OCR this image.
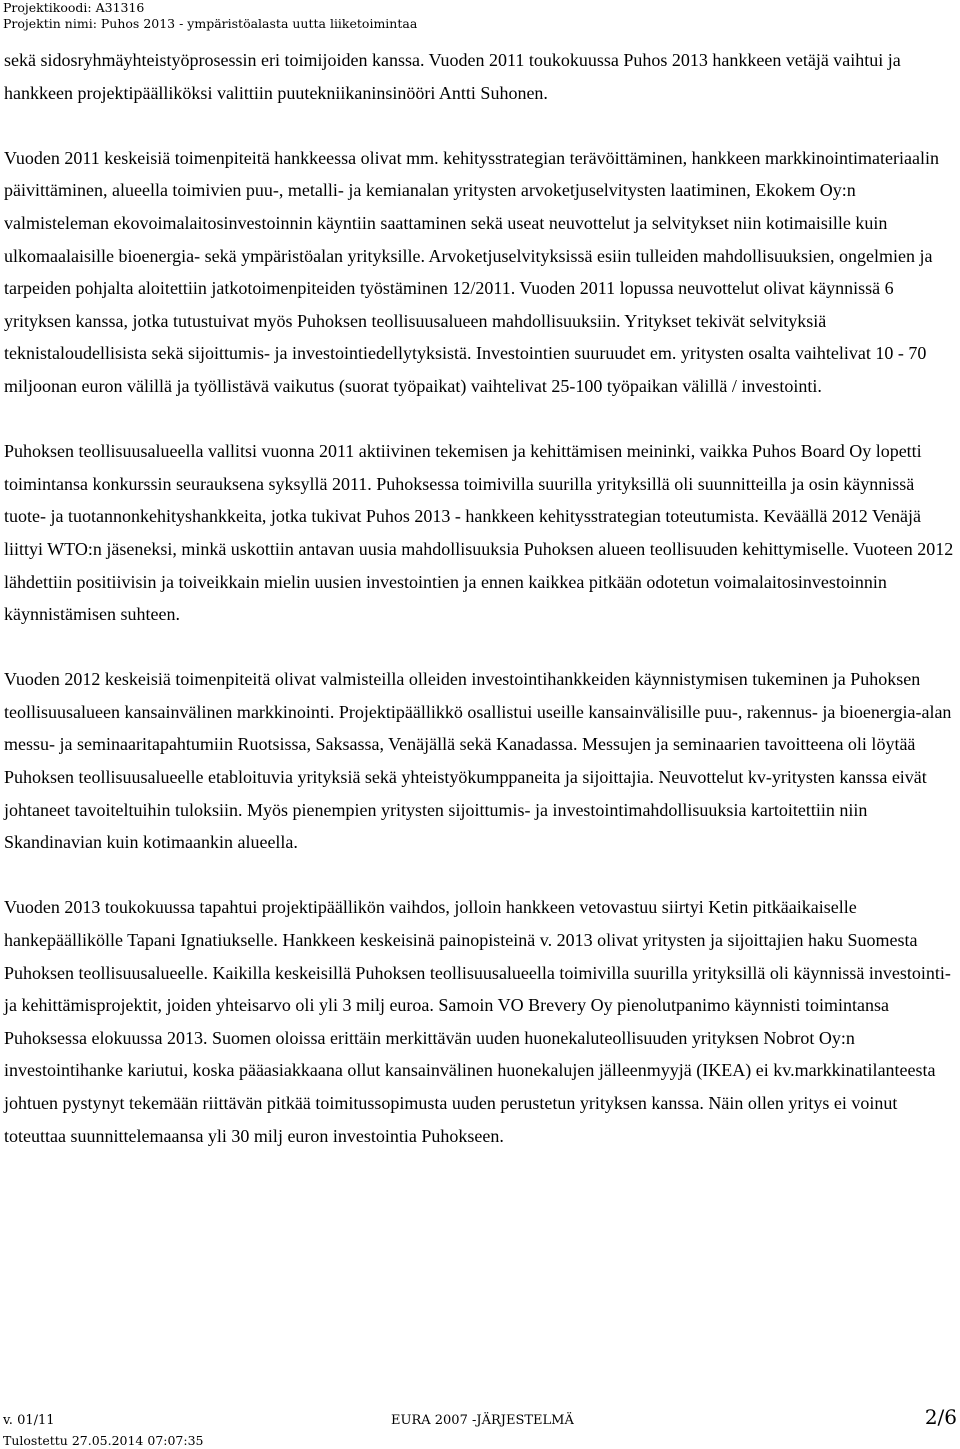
Projektikoodi: A31316
Projektin nimi: Puhos 2013 - ympäristöalasta uutta liiketoimintaa

sekä sidosryhmäyhteistyöprosessin eri toimijoiden kanssa. Vuoden 2011 toukokuussa Puhos 2013 hankkeen vetäjä vaihtui ja hankkeen projektipäälliköksi valittiin puutekniikaninsinööri Antti Suhonen.

Vuoden 2011 keskeisiä toimenpiteitä hankkeessa olivat mm. kehitysstrategian terävöittäminen, hankkeen markkinointimateriaalin päivittäminen, alueella toimivien puu-, metalli- ja kemianalan yritysten arvoketjuselvitysten laatiminen, Ekokem Oy:n valmisteleman ekovoimalaitosinvestoinnin käyntiin saattaminen sekä useat neuvottelut ja selvitykset niin kotimaisille kuin ulkomaalaisille bioenergia- sekä ympäristöalan yrityksille. Arvoketjuselvityksissä esiin tulleiden mahdollisuuksien, ongelmien ja tarpeiden pohjalta aloitettiin jatkotoimenpiteiden työstäminen 12/2011. Vuoden 2011 lopussa neuvottelut olivat käynnissä 6 yrityksen kanssa, jotka tutustuivat myös Puhoksen teollisuusalueen mahdollisuuksiin. Yritykset tekivät selvityksiä teknistaloudellisista sekä sijoittumis- ja investointiedellytyksistä. Investointien suuruudet em. yritysten osalta vaihtelivat 10 - 70 miljoonan euron välillä ja työllistävä vaikutus (suorat työpaikat) vaihtelivat 25-100 työpaikan välillä / investointi.

Puhoksen teollisuusalueella vallitsi vuonna 2011 aktiivinen tekemisen ja kehittämisen meininki, vaikka Puhos Board Oy lopetti toimintansa konkurssin seurauksena syksyllä 2011. Puhoksessa toimivilla suurilla yrityksillä oli suunnitteilla ja osin käynnissä tuote- ja tuotannonkehityshankkeita, jotka tukivat Puhos 2013 - hankkeen kehitysstrategian toteutumista. Keväällä 2012 Venäjä liittyi WTO:n jäseneksi, minkä uskottiin antavan uusia mahdollisuuksia Puhoksen alueen teollisuuden kehittymiselle. Vuoteen 2012 lähdettiin positiivisin ja toiveikkain mielin uusien investointien ja ennen kaikkea pitkään odotetun voimalaitosinvestoinnin käynnistämisen suhteen.

Vuoden 2012 keskeisiä toimenpiteitä olivat valmisteilla olleiden investointihankkeiden käynnistymisen tukeminen ja Puhoksen teollisuusalueen kansainvälinen markkinointi. Projektipäällikkö osallistui useille kansainvälisille puu-, rakennus- ja bioenergia-alan messu- ja seminaaritapahtumiin Ruotsissa, Saksassa, Venäjällä sekä Kanadassa. Messujen ja seminaarien tavoitteena oli löytää Puhoksen teollisuusalueelle etabloituvia yrityksiä sekä yhteistyökumppaneita ja sijoittajia. Neuvottelut kv-yritysten kanssa eivät johtaneet tavoiteltuihin tuloksiin. Myös pienempien yritysten sijoittumis- ja investointimahdollisuuksia kartoitettiin niin Skandinavian kuin kotimaankin alueella.

Vuoden 2013 toukokuussa tapahtui projektipäällikön vaihdos, jolloin hankkeen vetovastuu siirtyi Ketin pitkäaikaiselle hankepäällikölle Tapani Ignatiukselle. Hankkeen keskeisinä painopisteinä v. 2013 olivat yritysten ja sijoittajien haku Suomesta Puhoksen teollisuusalueelle. Kaikilla keskeisillä Puhoksen teollisuusalueella toimivilla suurilla yrityksillä oli käynnissä investointi- ja kehittämisprojektit, joiden yhteisarvo oli yli 3 milj euroa. Samoin VO Brevery Oy pienolutpanimo käynnisti toimintansa Puhoksessa elokuussa 2013. Suomen oloissa erittäin merkittävän uuden huonekaluteollisuuden yrityksen Nobrot Oy:n investointihanke kariutui, koska pääasiakkaana ollut kansainvälinen huonekalujen jälleenmyyjä (IKEA) ei kv.markkinatilanteesta johtuen pystynyt tekemään riittävän pitkää toimitussopimusta uuden perustetun yrityksen kanssa. Näin ollen yritys ei voinut toteuttaa suunnittelemaansa yli 30 milj euron investointia Puhokseen.

v. 01/11	EURA 2007 -JÄRJESTELMÄ	2/6
Tulostettu 27.05.2014 07:07:35
